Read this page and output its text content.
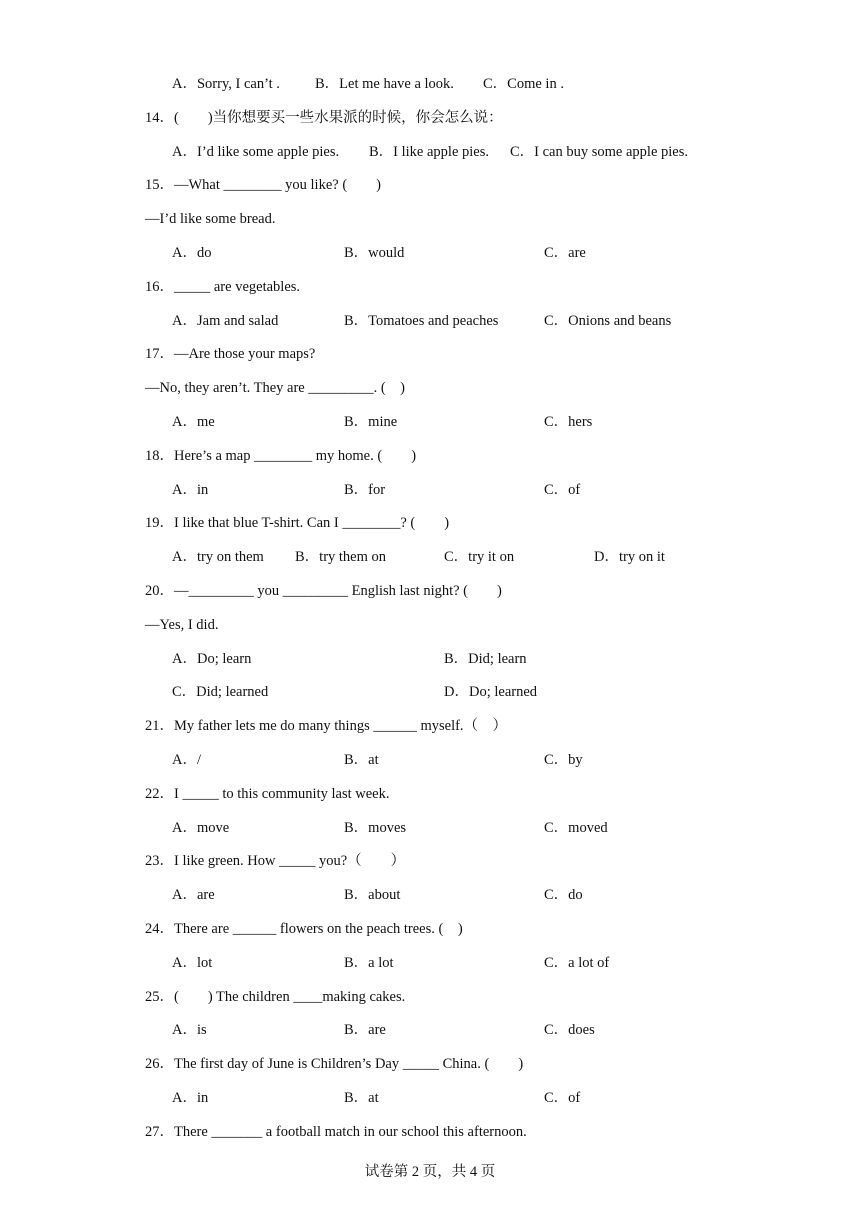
A．Sorry, I can’t . B．Let me have a look. C．Come in .
14．(　　)当你想要买一些水果派的时候，你会怎么说：
A．I’d like some apple pies. B．I like apple pies. C．I can buy some apple pies.
15．—What ________ you like? (　　)
—I’d like some bread.
A．do	B．would	C．are
16．_____ are vegetables.
A．Jam and salad	B．Tomatoes and peaches	C．Onions and beans
17．—Are those your maps?
—No, they aren’t. They are _________. (　)
A．me	B．mine	C．hers
18．Here’s a map ________ my home. (　　)
A．in	B．for	C．of
19．I like that blue T-shirt. Can I ________? (　　)
A．try on them B．try them on	C．try it on	D．try on it
20．—_________ you _________ English last night? (　　)
—Yes, I did.
A．Do; learn	B．Did; learn
C．Did; learned	D．Do; learned
21．My father lets me do many things ______ myself.（　）
A．/	B．at	C．by
22．I _____ to this community last week.
A．move	B．moves	C．moved
23．I like green. How _____ you?（　　）
A．are	B．about	C．do
24．There are ______ flowers on the peach trees. (　)
A．lot	B．a lot	C．a lot of
25．(　　) The children ____making cakes.
A．is	B．are	C．does
26．The first day of June is Children’s Day _____ China. (　　)
A．in	B．at	C．of
27．There _______ a football match in our school this afternoon.
试卷第 2 页，共 4 页
